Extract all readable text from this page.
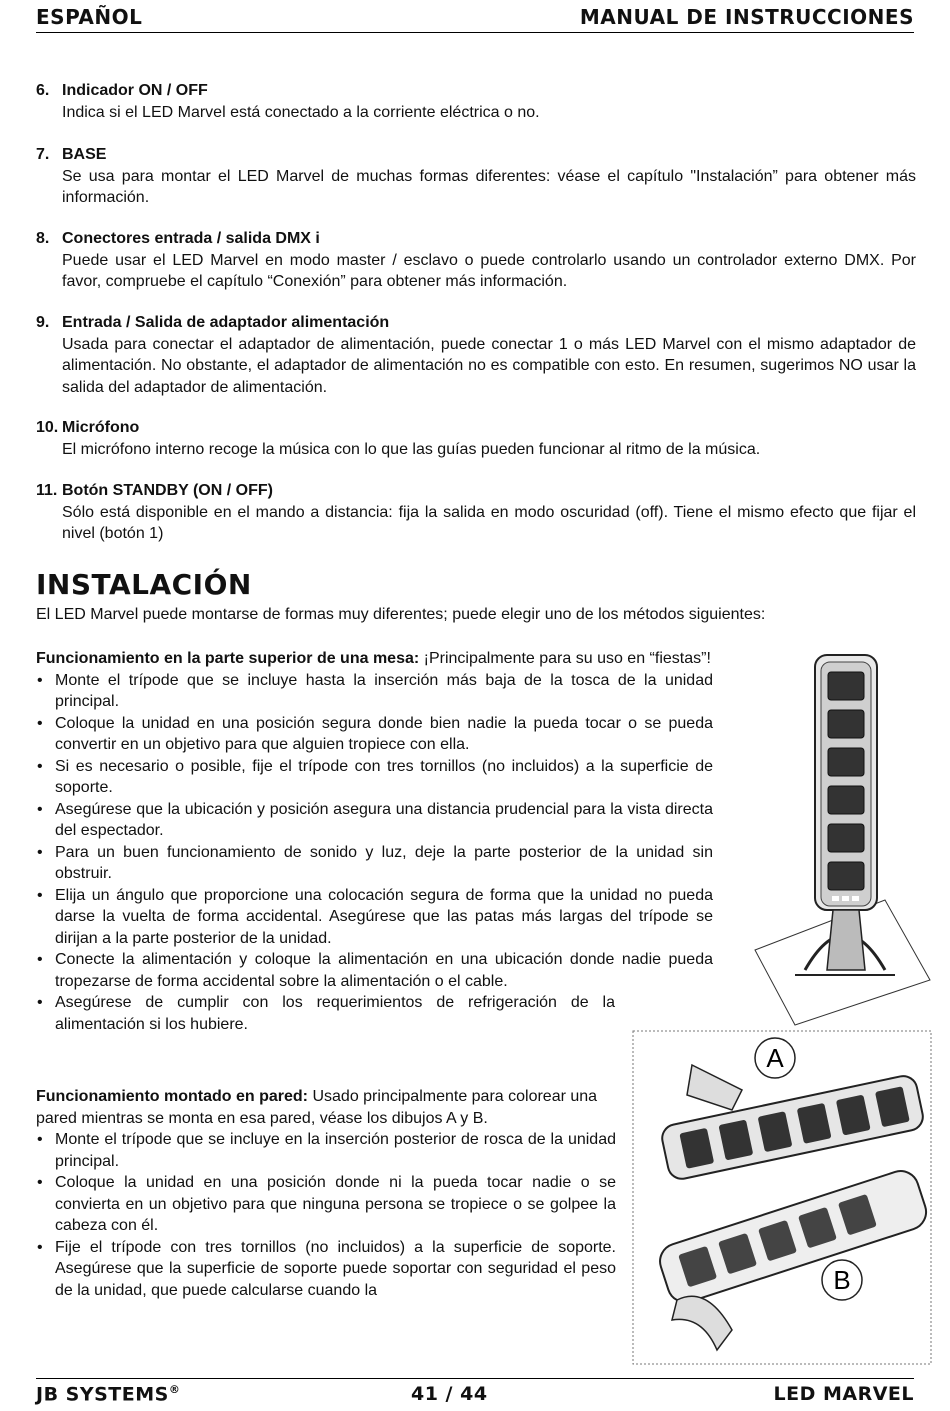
ESPAÑOL	MANUAL DE INSTRUCCIONES
6. Indicador ON / OFF
Indica si el LED Marvel está conectado a la corriente eléctrica o no.
7. BASE
Se usa para montar el LED Marvel de muchas formas diferentes: véase el capítulo "Instalación” para obtener más información.
8. Conectores entrada / salida DMX i
Puede usar el LED Marvel en modo master / esclavo o puede controlarlo usando un controlador externo DMX. Por favor, compruebe el capítulo “Conexión” para obtener más información.
9. Entrada / Salida de adaptador alimentación
Usada para conectar el adaptador de alimentación, puede conectar 1 o más LED Marvel con el mismo adaptador de alimentación. No obstante, el adaptador de alimentación no es compatible con esto. En resumen, sugerimos NO usar la salida del adaptador de alimentación.
10. Micrófono
El micrófono interno recoge la música con lo que las guías pueden funcionar al ritmo de la música.
11. Botón STANDBY (ON / OFF)
Sólo está disponible en el mando a distancia: fija la salida en modo oscuridad (off). Tiene el mismo efecto que fijar el nivel (botón 1)
INSTALACIÓN
El LED Marvel puede montarse de formas muy diferentes; puede elegir uno de los métodos siguientes:
Funcionamiento en la parte superior de una mesa: ¡Principalmente para su uso en “fiestas”!
• Monte el trípode que se incluye hasta la inserción más baja de la tosca de la unidad principal.
• Coloque la unidad en una posición segura donde bien nadie la pueda tocar o se pueda convertir en un objetivo para que alguien tropiece con ella.
• Si es necesario o posible, fije el trípode con tres tornillos (no incluidos) a la superficie de soporte.
• Asegúrese que la ubicación y posición asegura una distancia prudencial para la vista directa del espectador.
• Para un buen funcionamiento de sonido y luz, deje la parte posterior de la unidad sin obstruir.
• Elija un ángulo que proporcione una colocación segura de forma que la unidad no pueda darse la vuelta de forma accidental. Asegúrese que las patas más largas del trípode se dirijan a la parte posterior de la unidad.
• Conecte la alimentación y coloque la alimentación en una ubicación donde nadie pueda tropezarse de forma accidental sobre la alimentación o el cable.
• Asegúrese de cumplir con los requerimientos de refrigeración de la alimentación si los hubiere.
Funcionamiento montado en pared: Usado principalmente para colorear una pared mientras se monta en esa pared, véase los dibujos A y B.
• Monte el trípode que se incluye en la inserción posterior de rosca de la unidad principal.
• Coloque la unidad en una posición donde ni la pueda tocar nadie o se convierta en un objetivo para que ninguna persona se tropiece o se golpee la cabeza con él.
• Fije el trípode con tres tornillos (no incluidos) a la superficie de soporte. Asegúrese que la superficie de soporte puede soportar con seguridad el peso de la unidad, que puede calcularse cuando la
A
B
JB SYSTEMS®	41 / 44	LED MARVEL
